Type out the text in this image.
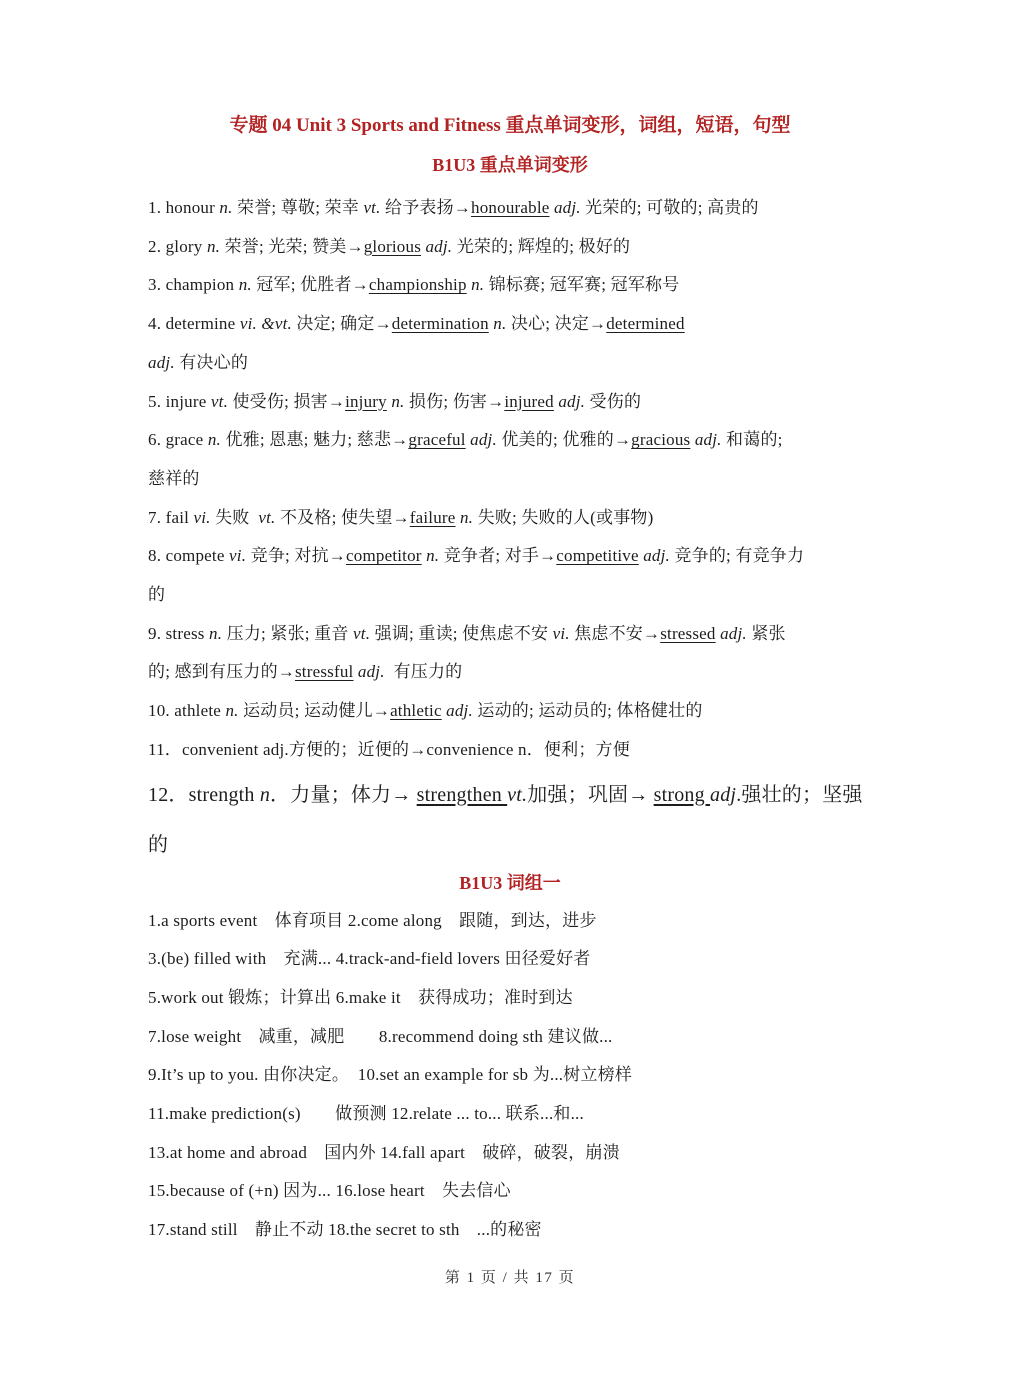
专题 04 Unit 3 Sports and Fitness 重点单词变形，词组，短语，句型
B1U3 重点单词变形
1. honour n. 荣誉; 尊敬; 荣幸 vt. 给予表扬→honourable adj. 光荣的; 可敬的; 高贵的
2. glory n. 荣誉; 光荣; 赞美→glorious adj. 光荣的; 辉煌的; 极好的
3. champion n. 冠军; 优胜者→championship n. 锦标赛; 冠军赛; 冠军称号
4. determine vi. &vt. 决定; 确定→determination n. 决心; 决定→determined
adj. 有决心的
5. injure vt. 使受伤; 损害→injury n. 损伤; 伤害→injured adj. 受伤的
6. grace n. 优雅; 恩惠; 魅力; 慈悲→graceful adj. 优美的; 优雅的→gracious adj. 和蔼的;
慈祥的
7. fail vi. 失败  vt. 不及格; 使失望→failure n. 失败; 失败的人(或事物)
8. compete vi. 竞争; 对抗→competitor n. 竞争者; 对手→competitive adj. 竞争的; 有竞争力
的
9. stress n. 压力; 紧张; 重音 vt. 强调; 重读; 使焦虑不安 vi. 焦虑不安→stressed adj. 紧张
的; 感到有压力的→stressful adj.  有压力的
10. athlete n. 运动员; 运动健儿→athletic adj. 运动的; 运动员的; 体格健壮的
11．convenient adj.方便的；近便的→convenience n．便利；方便
12．strength n．力量；体力→ strengthen vt.加强；巩固→ strong adj.强壮的；坚强
的
B1U3 词组一
1.a sports event　体育项目 2.come along　跟随，到达，进步
3.(be) filled with　充满... 4.track-and-field lovers 田径爱好者
5.work out 锻炼；计算出 6.make it　获得成功；准时到达
7.lose weight　减重，减肥　　8.recommend doing sth 建议做...
9.It’s up to you. 由你决定。　10.set an example for sb 为...树立榜样
11.make prediction(s)　　做预测 12.relate ... to... 联系...和...
13.at home and abroad　国内外 14.fall apart　破碎，破裂，崩溃
15.because of (+n) 因为... 16.lose heart　失去信心
17.stand still　静止不动 18.the secret to sth　...的秘密
第 1 页 / 共 17 页
